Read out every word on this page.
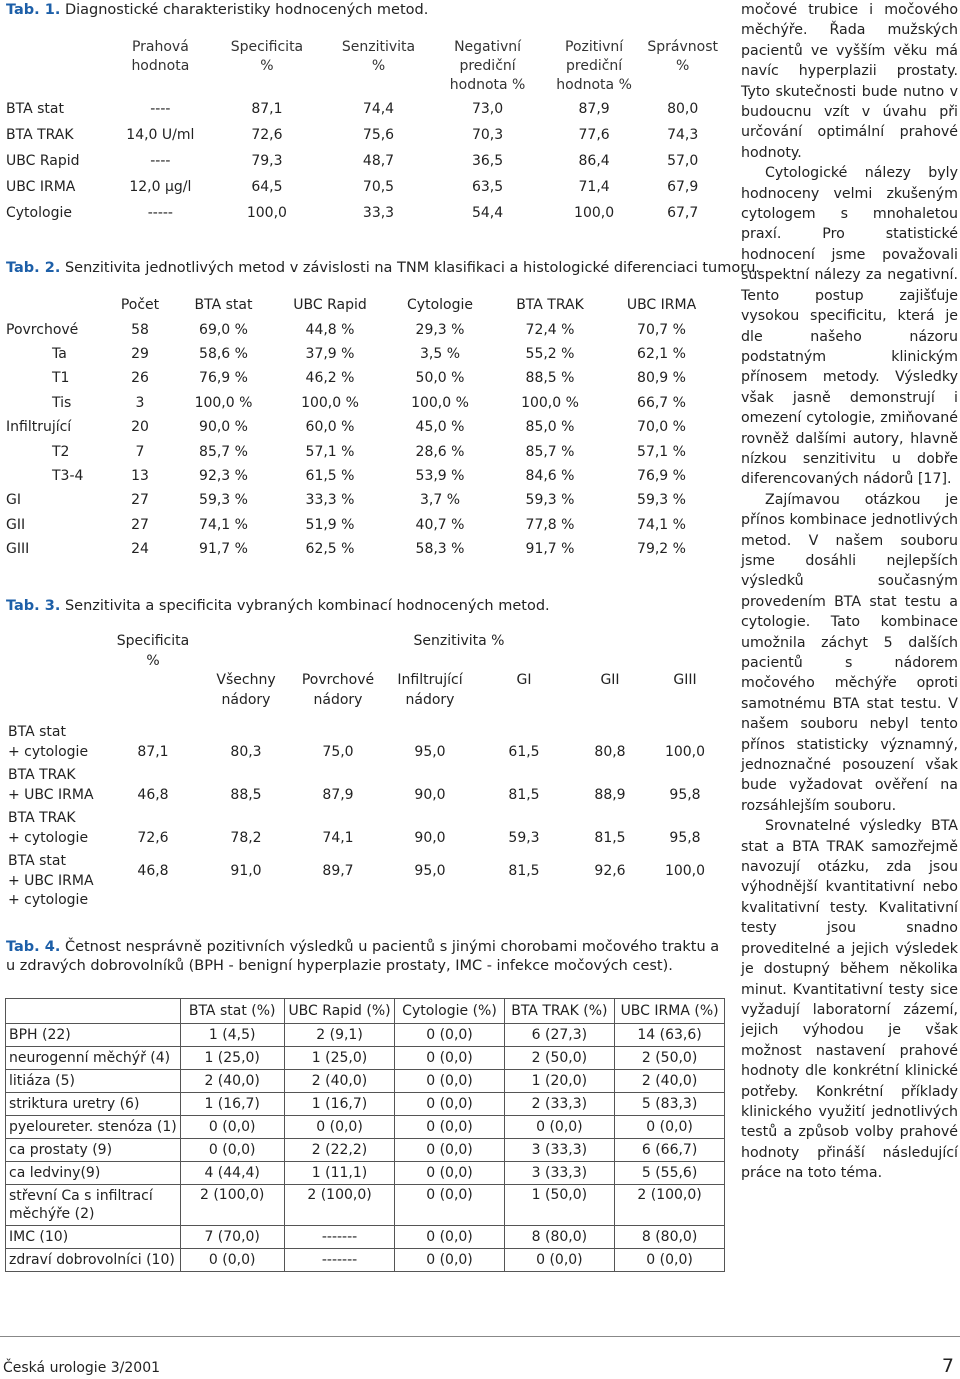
Tab. 1. Diagnostické charakteristiky hodnocených metod.
	Prahová
hodnota	Specificita
%	Senzitivita
%	Negativní
prediční
hodnota %	Pozitivní
prediční
hodnota %	Správnost
%
BTA stat	----	87,1	74,4	73,0	87,9	80,0
BTA TRAK	14,0 U/ml	72,6	75,6	70,3	77,6	74,3
UBC Rapid	----	79,3	48,7	36,5	86,4	57,0
UBC IRMA	12,0 µg/l	64,5	70,5	63,5	71,4	67,9
Cytologie	-----	100,0	33,3	54,4	100,0	67,7
Tab. 2. Senzitivita jednotlivých metod v závislosti na TNM klasifikaci a histologické diferenciaci tumoru.
	Počet	BTA stat	UBC Rapid	Cytologie	BTA TRAK	UBC IRMA
Povrchové	58	69,0 %	44,8 %	29,3 %	72,4 %	70,7 %
Ta	29	58,6 %	37,9 %	3,5 %	55,2 %	62,1 %
T1	26	76,9 %	46,2 %	50,0 %	88,5 %	80,9 %
Tis	3	100,0 %	100,0 %	100,0 %	100,0 %	66,7 %
Infiltrující	20	90,0 %	60,0 %	45,0 %	85,0 %	70,0 %
T2	7	85,7 %	57,1 %	28,6 %	85,7 %	57,1 %
T3-4	13	92,3 %	61,5 %	53,9 %	84,6 %	76,9 %
GI	27	59,3 %	33,3 %	3,7 %	59,3 %	59,3 %
GII	27	74,1 %	51,9 %	40,7 %	77,8 %	74,1 %
GIII	24	91,7 %	62,5 %	58,3 %	91,7 %	79,2 %
Tab. 3. Senzitivita a specificita vybraných kombinací hodnocených metod.
	Specificita %	Senzitivita %					
		Všechny
nádory	Povrchové
nádory	Infiltrující
nádory	GI	GII	GIII
BTA stat
+ cytologie	87,1	80,3	75,0	95,0	61,5	80,8	100,0
BTA TRAK
+ UBC IRMA	46,8	88,5	87,9	90,0	81,5	88,9	95,8
BTA TRAK
+ cytologie	72,6	78,2	74,1	90,0	59,3	81,5	95,8
BTA stat
+ UBC IRMA
+ cytologie	46,8	91,0	89,7	95,0	81,5	92,6	100,0
Tab. 4. Četnost nesprávně pozitivních výsledků u pacientů s jinými chorobami močového traktu a u zdravých dobrovolníků (BPH - benigní hyperplazie prostaty, IMC - infekce močových cest).
	BTA stat (%)	UBC Rapid (%)	Cytologie (%)	BTA TRAK (%)	UBC IRMA (%)
BPH (22)	1 (4,5)	2 (9,1)	0 (0,0)	6 (27,3)	14 (63,6)
neurogenní měchýř (4)	1 (25,0)	1 (25,0)	0 (0,0)	2 (50,0)	2 (50,0)
litiáza (5)	2 (40,0)	2 (40,0)	0 (0,0)	1 (20,0)	2 (40,0)
striktura uretry (6)	1 (16,7)	1 (16,7)	0 (0,0)	2 (33,3)	5 (83,3)
pyeloureter. stenóza (1)	0 (0,0)	0 (0,0)	0 (0,0)	0 (0,0)	0 (0,0)
ca prostaty (9)	0 (0,0)	2 (22,2)	0 (0,0)	3 (33,3)	6 (66,7)
ca ledviny(9)	4 (44,4)	1 (11,1)	0 (0,0)	3 (33,3)	5 (55,6)
střevní Ca s infiltrací
měchýře (2)	2 (100,0)	2 (100,0)	0 (0,0)	1 (50,0)	2 (100,0)
IMC (10)	7 (70,0)	-------	0 (0,0)	8 (80,0)	8 (80,0)
zdraví dobrovolníci (10)	0 (0,0)	-------	0 (0,0)	0 (0,0)	0 (0,0)

močové trubice i močového měchýře. Řada mužských pacientů ve vyšším věku má navíc hyperplazii prostaty. Tyto skutečnosti bude nutno v budoucnu vzít v úvahu při určování optimální prahové hodnoty.

Cytologické nálezy byly hodnoceny velmi zkušeným cytologem s mnohaletou praxí. Pro statistické hodnocení jsme považovali suspektní nálezy za negativní. Tento postup zajišťuje vysokou specificitu, která je dle našeho názoru podstatným klinickým přínosem metody. Výsledky však jasně demonstrují i omezení cytologie, zmiňované rovněž dalšími autory, hlavně nízkou senzitivitu u dobře diferencovaných nádorů [17].

Zajímavou otázkou je přínos kombinace jednotlivých metod. V našem souboru jsme dosáhli nejlepších výsledků současným provedením BTA stat testu a cytologie. Tato kombinace umožnila záchyt 5 dalších pacientů s nádorem močového měchýře oproti samotnému BTA stat testu. V našem souboru nebyl tento přínos statisticky významný, jednoznačné posouzení však bude vyžadovat ověření na rozsáhlejším souboru.

Srovnatelné výsledky BTA stat a BTA TRAK samozřejmě navozují otázku, zda jsou výhodnější kvantitativní nebo kvalitativní testy. Kvalitativní testy jsou snadno proveditelné a jejich výsledek je dostupný během několika minut. Kvantitativní testy sice vyžadují laboratorní zázemí, jejich výhodou je však možnost nastavení prahové hodnoty dle konkrétní klinické potřeby. Konkrétní příklady klinického využití jednotlivých testů a způsob volby prahové hodnoty přináší následující práce na toto téma.

Česká urologie 3/2001	7
